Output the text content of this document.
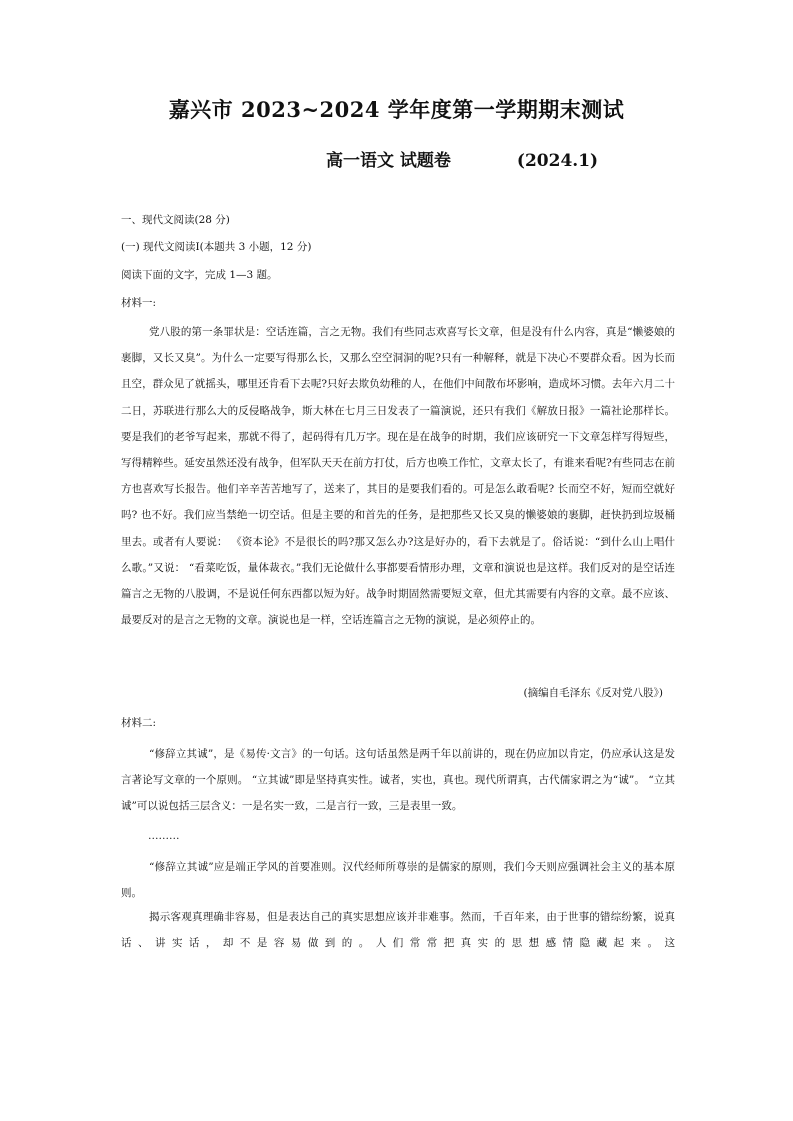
嘉兴市 2023~2024 学年度第一学期期末测试
高一语文 试题卷	(2024.1)
一、现代文阅读(28 分)
(一) 现代文阅读Ⅰ(本题共 3 小题，12 分)
阅读下面的文字，完成 1—3 题。
材料一:
党八股的第一条罪状是：空话连篇，言之无物。我们有些同志欢喜写长文章，但是没有什么内容，真是“懒婆娘的裹脚，又长又臭”。为什么一定要写得那么长，又那么空空洞洞的呢?只有一种解释，就是下决心不要群众看。因为长而且空，群众见了就摇头，哪里还肯看下去呢?只好去欺负幼稚的人，在他们中间散布坏影响，造成坏习惯。去年六月二十二日，苏联进行那么大的反侵略战争，斯大林在七月三日发表了一篇演说，还只有我们《解放日报》一篇社论那样长。要是我们的老爷写起来，那就不得了，起码得有几万字。现在是在战争的时期，我们应该研究一下文章怎样写得短些，写得精粹些。延安虽然还没有战争，但军队天天在前方打仗，后方也唤工作忙，文章太长了，有谁来看呢?有些同志在前方也喜欢写长报告。他们辛辛苦苦地写了，送来了，其目的是要我们看的。可是怎么敢看呢? 长而空不好，短而空就好吗? 也不好。我们应当禁绝一切空话。但是主要的和首先的任务，是把那些又长又臭的懒婆娘的裹脚，赶快扔到垃圾桶里去。或者有人要说： 《资本论》不是很长的吗?那又怎么办?这是好办的，看下去就是了。俗话说：“到什么山上唱什么歌。”又说： “看菜吃饭，量体裁衣。”我们无论做什么事都要看情形办理，文章和演说也是这样。我们反对的是空话连篇言之无物的八股调，不是说任何东西都以短为好。战争时期固然需要短文章，但尤其需要有内容的文章。最不应该、最要反对的是言之无物的文章。演说也是一样，空话连篇言之无物的演说，是必须停止的。
(摘编自毛泽东《反对党八股》)
材料二:
“修辞立其诚”，是《易传·文言》的一句话。这句话虽然是两千年以前讲的，现在仍应加以肯定，仍应承认这是发言著论写文章的一个原则。 “立其诚”即是坚持真实性。诚者，实也，真也。现代所谓真，古代儒家谓之为“诚”。 “立其诚”可以说包括三层含义：一是名实一致，二是言行一致，三是表里一致。
………
“修辞立其诚”应是端正学风的首要准则。汉代经师所尊崇的是儒家的原则，我们今天则应强调社会主义的基本原则。
揭示客观真理确非容易，但是表达自己的真实思想应该并非难事。然而，千百年来，由于世事的错综纷繁，说真话、讲实话，却不是容易做到的。人们常常把真实的思想感情隐藏起来。这
